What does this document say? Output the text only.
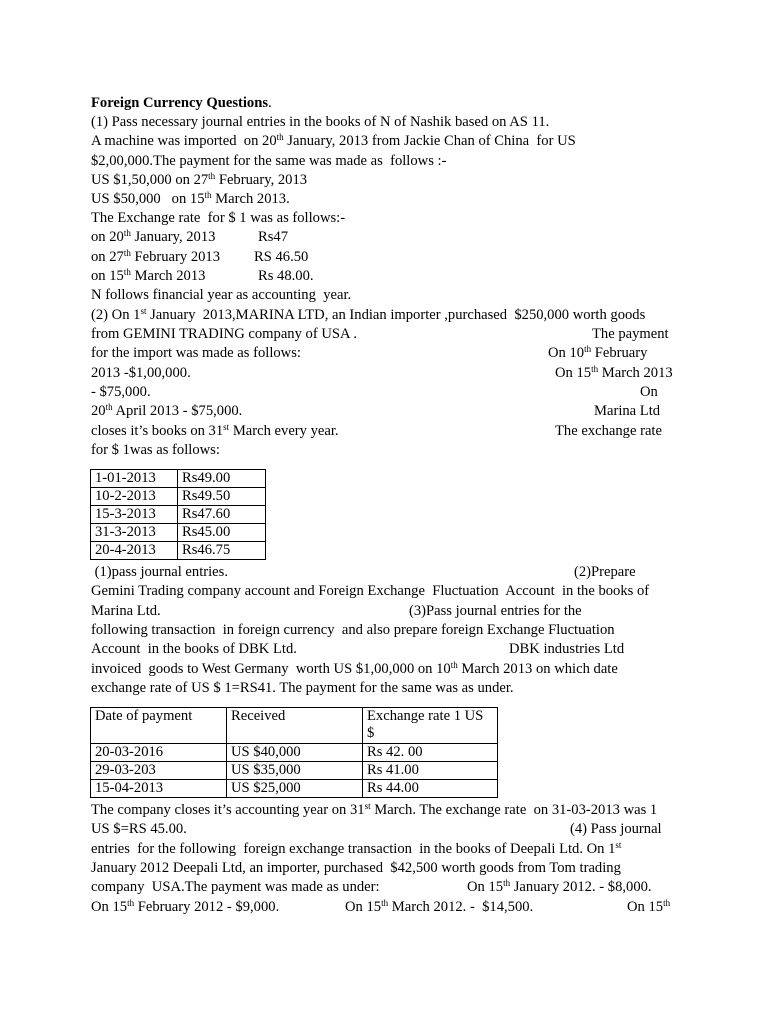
Foreign Currency Questions.
(1) Pass necessary journal entries in the books of N of Nashik based on AS 11.
A machine was imported  on 20th January, 2013 from Jackie Chan of China  for US
$2,00,000.The payment for the same was made as  follows :-
US $1,50,000 on 27th February, 2013
US $50,000   on 15th March 2013.
The Exchange rate  for $ 1 was as follows:-
on 20th January, 2013	Rs47
on 27th February 2013 RS 46.50
on 15th March 2013	Rs 48.00.
N follows financial year as accounting  year.
(2) On 1st January  2013,MARINA LTD, an Indian importer ,purchased  $250,000 worth goods
from GEMINI TRADING company of USA .	The payment
for the import was made as follows:	On 10th February
2013 -$1,00,000.	On 15th March 2013
- $75,000.	On
20th April 2013 - $75,000.	Marina Ltd
closes it’s books on 31st March every year.	The exchange rate
for $ 1was as follows:
1-01-2013	Rs49.00
10-2-2013	Rs49.50
15-3-2013	Rs47.60
31-3-2013	Rs45.00
20-4-2013	Rs46.75
(1)pass journal entries.	(2)Prepare
Gemini Trading company account and Foreign Exchange  Fluctuation  Account  in the books of
Marina Ltd.	(3)Pass journal entries for the
following transaction  in foreign currency  and also prepare foreign Exchange Fluctuation
Account  in the books of DBK Ltd.	DBK industries Ltd
invoiced  goods to West Germany  worth US $1,00,000 on 10th March 2013 on which date
exchange rate of US $ 1=RS41. The payment for the same was as under.
Date of payment	Received	Exchange rate 1 US
$

20-03-2016	US $40,000	Rs 42. 00
29-03-203	US $35,000	Rs 41.00
15-04-2013	US $25,000	Rs 44.00
The company closes it’s accounting year on 31st March. The exchange rate  on 31-03-2013 was 1
US $=RS 45.00.	(4) Pass journal
entries  for the following  foreign exchange transaction  in the books of Deepali Ltd. On 1st
January 2012 Deepali Ltd, an importer, purchased  $42,500 worth goods from Tom trading
company  USA.The payment was made as under:	On 15th January 2012. - $8,000.
On 15th February 2012 - $9,000.	On 15th March 2012. -  $14,500.	On 15th
